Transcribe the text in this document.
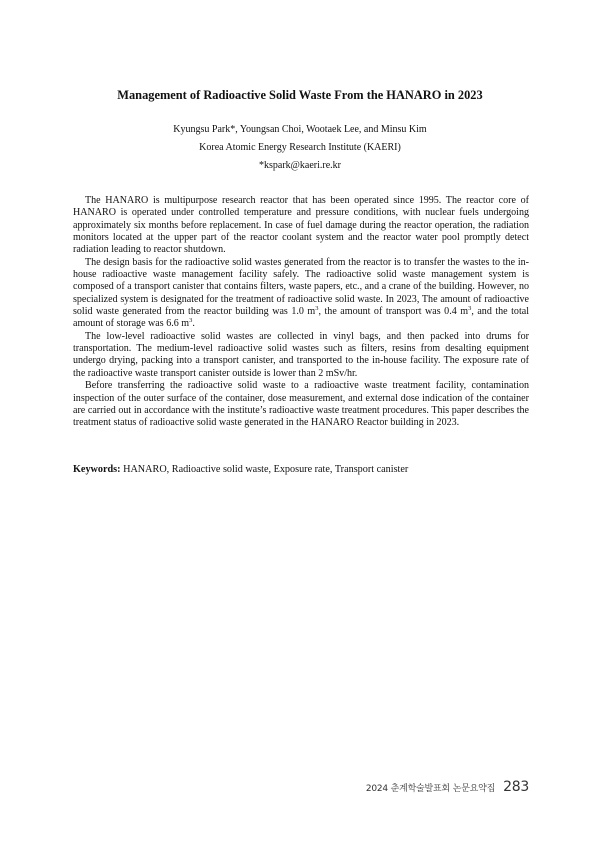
Management of Radioactive Solid Waste From the HANARO in 2023
Kyungsu Park*, Youngsan Choi, Wootaek Lee, and Minsu Kim
Korea Atomic Energy Research Institute (KAERI)
*kspark@kaeri.re.kr

The HANARO is multipurpose research reactor that has been operated since 1995. The reactor core of HANARO is operated under controlled temperature and pressure conditions, with nuclear fuels undergoing approximately six months before replacement. In case of fuel damage during the reactor operation, the radiation monitors located at the upper part of the reactor coolant system and the reactor water pool promptly detect radiation leading to reactor shutdown.

The design basis for the radioactive solid wastes generated from the reactor is to transfer the wastes to the in-house radioactive waste management facility safely. The radioactive solid waste management system is composed of a transport canister that contains filters, waste papers, etc., and a crane of the building. However, no specialized system is designated for the treatment of radioactive solid waste. In 2023, The amount of radioactive solid waste generated from the reactor building was 1.0 $m^3$, the amount of transport was 0.4 $m^3$, and the total amount of storage was 6.6 $m^3$.

The low-level radioactive solid wastes are collected in vinyl bags, and then packed into drums for transportation. The medium-level radioactive solid wastes such as filters, resins from desalting equipment undergo drying, packing into a transport canister, and transported to the in-house facility. The exposure rate of the radioactive waste transport canister outside is lower than 2 mSv/hr.

Before transferring the radioactive solid waste to a radioactive waste treatment facility, contamination inspection of the outer surface of the container, dose measurement, and external dose indication of the container are carried out in accordance with the institute’s radioactive waste treatment procedures. This paper describes the treatment status of radioactive solid waste generated in the HANARO Reactor building in 2023.

Keywords: HANARO, Radioactive solid waste, Exposure rate, Transport canister
2024 춘계학술발표회 논문요약집 283
